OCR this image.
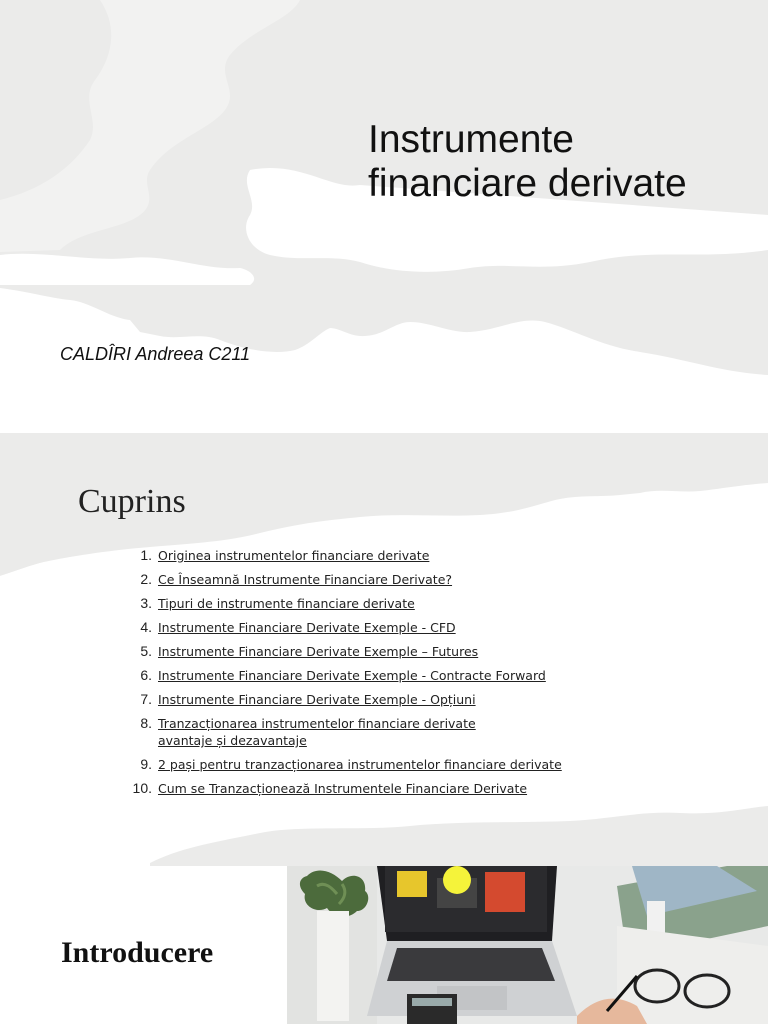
Instrumente
financiare derivate
CALDÎRI Andreea C211
Cuprins
1. Originea instrumentelor financiare derivate
2. Ce Înseamnă Instrumente Financiare Derivate?
3. Tipuri de instrumente financiare derivate
4. Instrumente Financiare Derivate Exemple - CFD
5. Instrumente Financiare Derivate Exemple – Futures
6. Instrumente Financiare Derivate Exemple - Contracte Forward
7. Instrumente Financiare Derivate Exemple - Opțiuni
8. Tranzacționarea instrumentelor financiare derivate
avantaje și dezavantaje
9. 2 pași pentru tranzacționarea instrumentelor financiare derivate
10. Cum se Tranzacționează Instrumentele Financiare Derivate
Introducere
